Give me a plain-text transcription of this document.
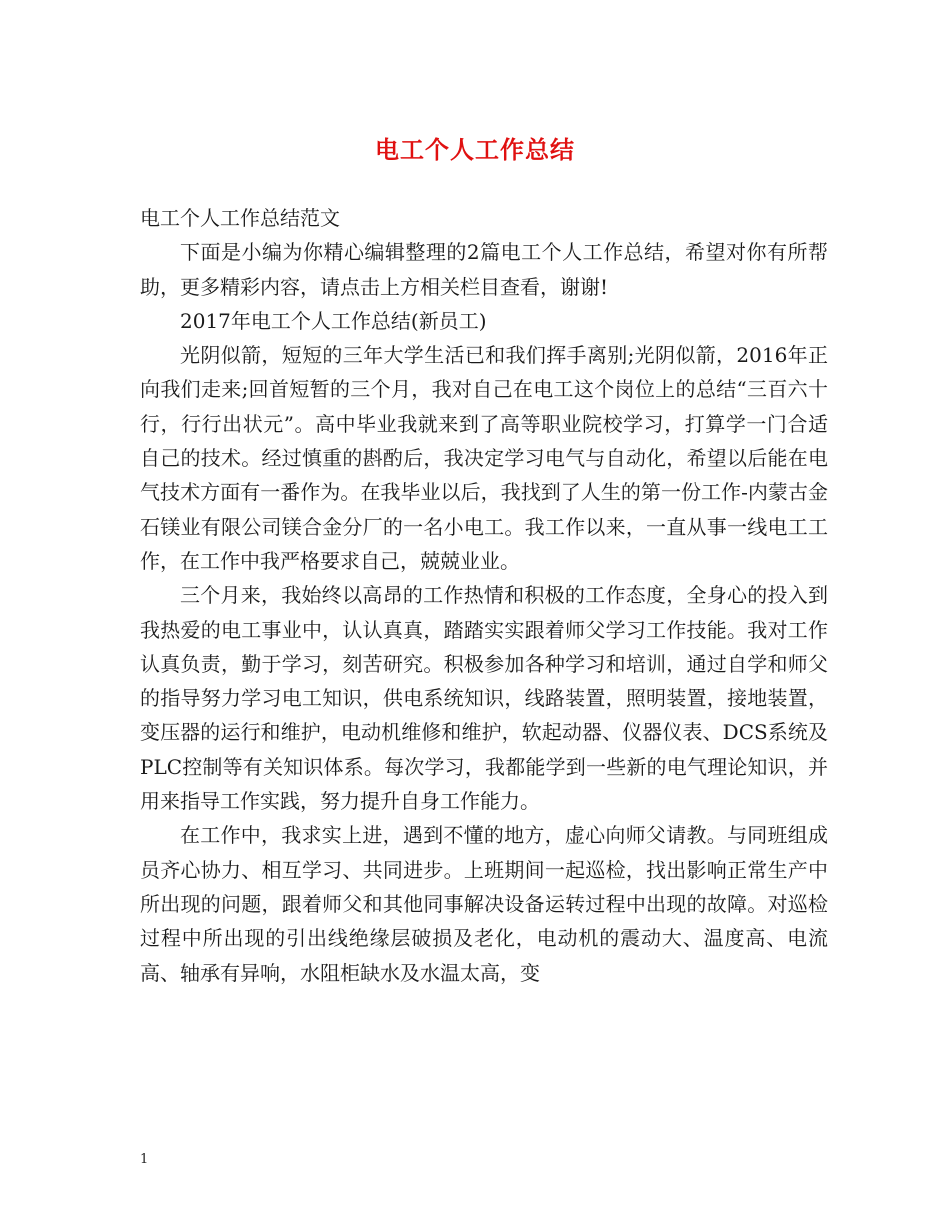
电工个人工作总结

电工个人工作总结范文

下面是小编为你精心编辑整理的2篇电工个人工作总结，希望对你有所帮助，更多精彩内容，请点击上方相关栏目查看，谢谢!

2017年电工个人工作总结(新员工)

光阴似箭，短短的三年大学生活已和我们挥手离别;光阴似箭，2016年正向我们走来;回首短暂的三个月，我对自己在电工这个岗位上的总结“三百六十行，行行出状元”。高中毕业我就来到了高等职业院校学习，打算学一门合适自己的技术。经过慎重的斟酌后，我决定学习电气与自动化，希望以后能在电气技术方面有一番作为。在我毕业以后，我找到了人生的第一份工作-内蒙古金石镁业有限公司镁合金分厂的一名小电工。我工作以来，一直从事一线电工工作，在工作中我严格要求自己，兢兢业业。

三个月来，我始终以高昂的工作热情和积极的工作态度，全身心的投入到我热爱的电工事业中，认认真真，踏踏实实跟着师父学习工作技能。我对工作认真负责，勤于学习，刻苦研究。积极参加各种学习和培训，通过自学和师父的指导努力学习电工知识，供电系统知识，线路装置，照明装置，接地装置，变压器的运行和维护，电动机维修和维护，软起动器、仪器仪表、DCS系统及PLC控制等有关知识体系。每次学习，我都能学到一些新的电气理论知识，并用来指导工作实践，努力提升自身工作能力。

在工作中，我求实上进，遇到不懂的地方，虚心向师父请教。与同班组成员齐心协力、相互学习、共同进步。上班期间一起巡检，找出影响正常生产中所出现的问题，跟着师父和其他同事解决设备运转过程中出现的故障。对巡检过程中所出现的引出线绝缘层破损及老化，电动机的震动大、温度高、电流高、轴承有异响，水阻柜缺水及水温太高，变

1
